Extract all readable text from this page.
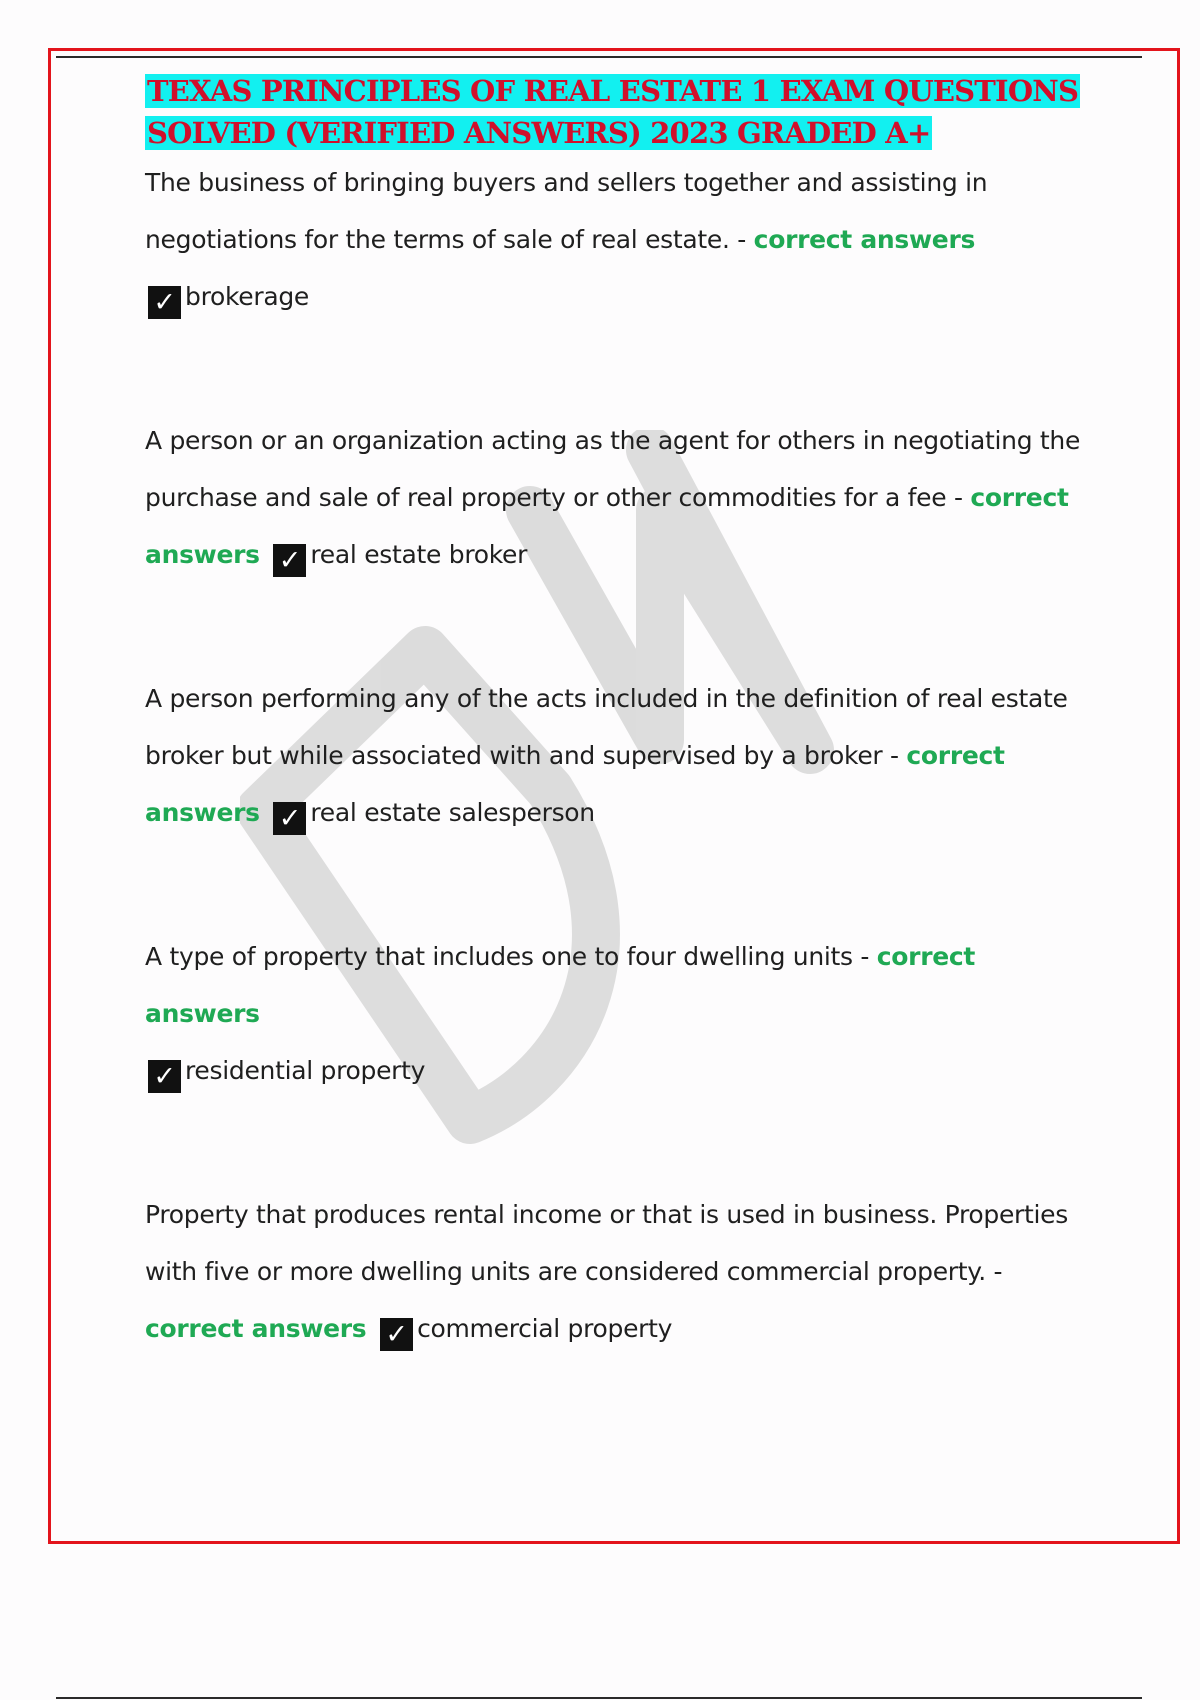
TEXAS PRINCIPLES OF REAL ESTATE 1 EXAM QUESTIONS
SOLVED (VERIFIED ANSWERS) 2023 GRADED A+

The business of bringing buyers and sellers together and assisting in negotiations for the terms of sale of real estate. - correct answers
✓ brokerage

A person or an organization acting as the agent for others in negotiating the purchase and sale of real property or other commodities for a fee - correct answers ✓ real estate broker

A person performing any of the acts included in the definition of real estate broker but while associated with and supervised by a broker - correct answers ✓ real estate salesperson

A type of property that includes one to four dwelling units - correct answers
✓ residential property

Property that produces rental income or that is used in business. Properties with five or more dwelling units are considered commercial property. -
correct answers ✓ commercial property
